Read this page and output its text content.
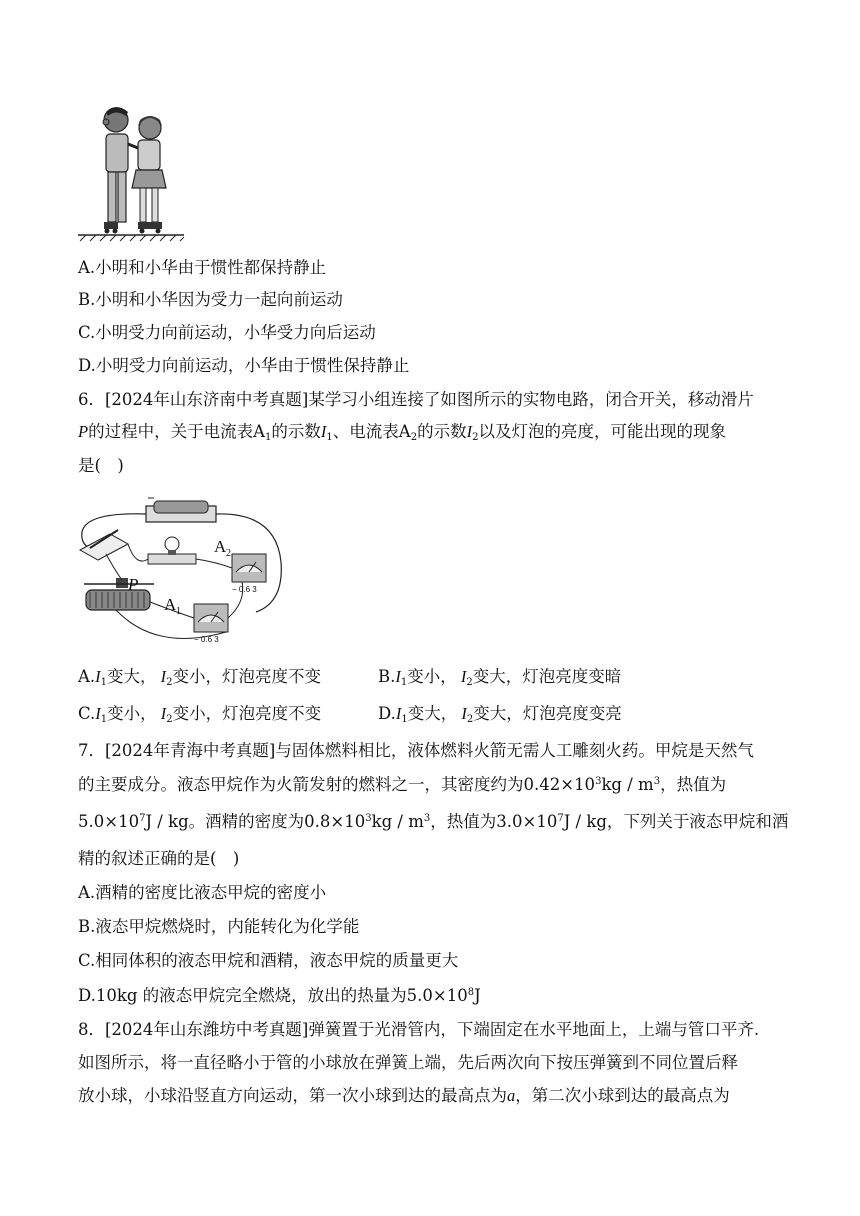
A.小明和小华由于惯性都保持静止
B.小明和小华因为受力一起向前运动
C.小明受力向前运动，小华受力向后运动
D.小明受力向前运动，小华由于惯性保持静止
6．[2024年山东济南中考真题]某学习小组连接了如图所示的实物电路，闭合开关，移动滑片
P的过程中，关于电流表$A_1$的示数$I_1$、电流表$A_2$的示数$I_2$以及灯泡的亮度，可能出现的现象
是(　)
A 2
A 1
P	− 0.6 3
− 0.6 3
$A.I_1$变大， $I_2$变小，灯泡亮度不变	$B.I_1$变小， $I_2$变大，灯泡亮度变暗
$C.I_1$变小， $I_2$变小，灯泡亮度不变	$D.I_1$变大， $I_2$变大，灯泡亮度变亮
7．[2024年青海中考真题]与固体燃料相比，液体燃料火箭无需人工雕刻火药。甲烷是天然气
的主要成分。液态甲烷作为火箭发射的燃料之一，其密度约为$0.42\times 10^3kg / m^3$，热值为
$5.0\times 10^7J$ / kg。酒精的密度为$0.8\times 10^3kg / m^3$，热值为$3.0\times 10^7J$ / kg，下列关于液态甲烷和酒
精的叙述正确的是(　)
A.酒精的密度比液态甲烷的密度小
B.液态甲烷燃烧时，内能转化为化学能
C.相同体积的液态甲烷和酒精，液态甲烷的质量更大
D.10kg 的液态甲烷完全燃烧，放出的热量为$5.0\times 10^8J$
8．[2024年山东潍坊中考真题]弹簧置于光滑管内，下端固定在水平地面上，上端与管口平齐.
如图所示，将一直径略小于管的小球放在弹簧上端，先后两次向下按压弹簧到不同位置后释
放小球，小球沿竖直方向运动，第一次小球到达的最高点为a，第二次小球到达的最高点为
